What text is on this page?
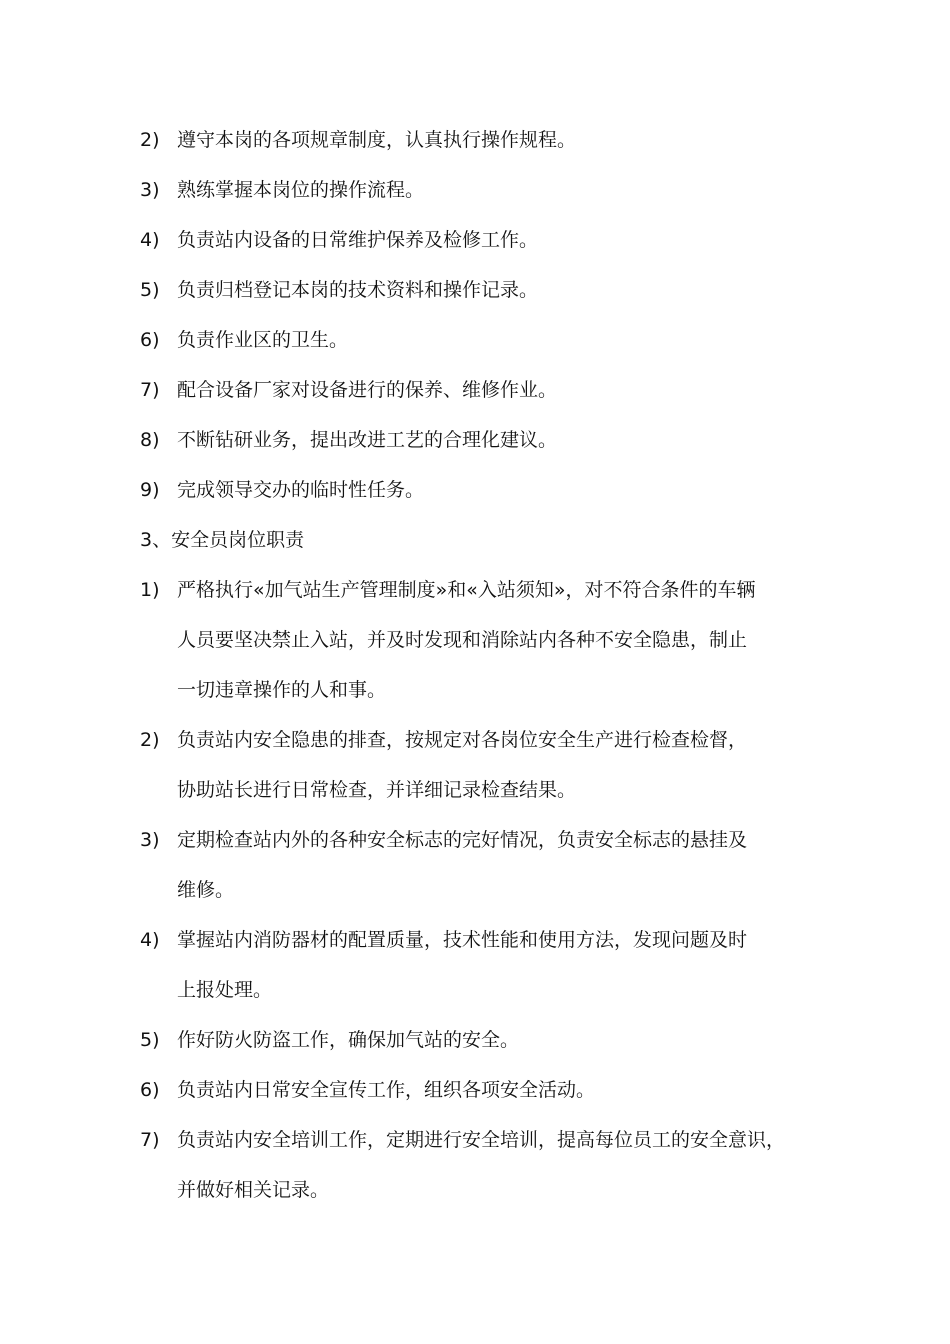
2) 遵守本岗的各项规章制度，认真执行操作规程。
3) 熟练掌握本岗位的操作流程。
4) 负责站内设备的日常维护保养及检修工作。
5) 负责归档登记本岗的技术资料和操作记录。
6) 负责作业区的卫生。
7) 配合设备厂家对设备进行的保养、维修作业。
8) 不断钻研业务，提出改进工艺的合理化建议。
9) 完成领导交办的临时性任务。
3、安全员岗位职责
1) 严格执行«加气站生产管理制度»和«入站须知»，对不符合条件的车辆
人员要坚决禁止入站，并及时发现和消除站内各种不安全隐患，制止
一切违章操作的人和事。
2) 负责站内安全隐患的排查，按规定对各岗位安全生产进行检查检督，
协助站长进行日常检查，并详细记录检查结果。
3) 定期检查站内外的各种安全标志的完好情况，负责安全标志的悬挂及
维修。
4) 掌握站内消防器材的配置质量，技术性能和使用方法，发现问题及时
上报处理。
5) 作好防火防盗工作，确保加气站的安全。
6) 负责站内日常安全宣传工作，组织各项安全活动。
7) 负责站内安全培训工作，定期进行安全培训，提高每位员工的安全意识，
并做好相关记录。
